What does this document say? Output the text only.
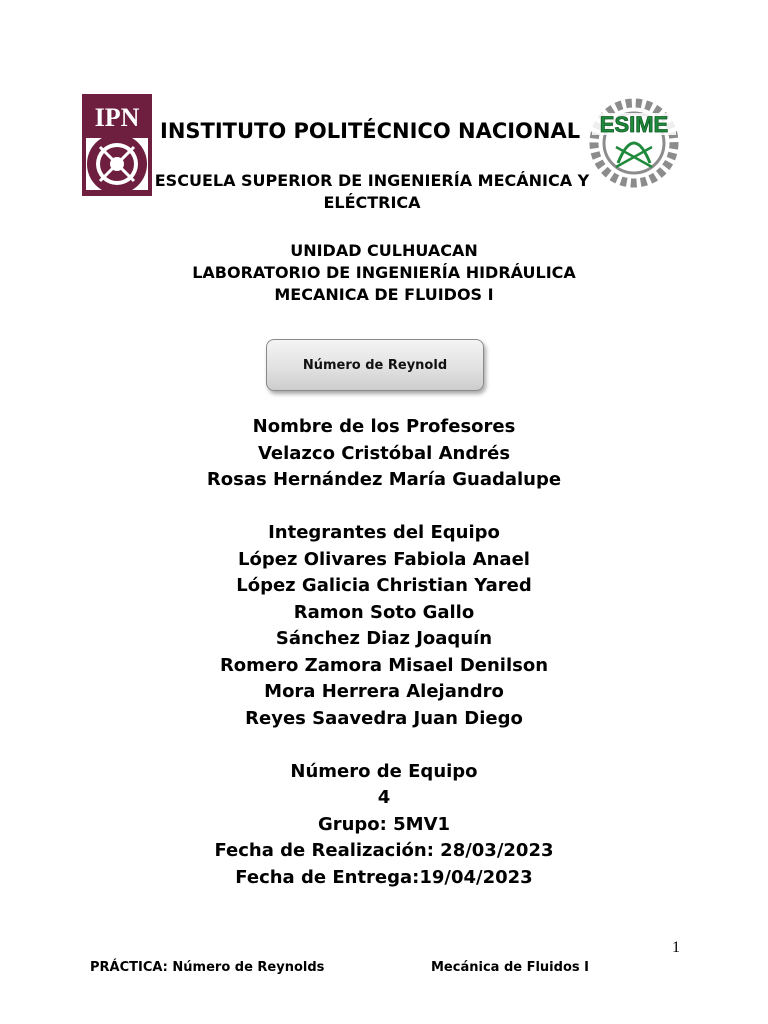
IPN	ESIME
INSTITUTO POLITÉCNICO NACIONAL
ESCUELA SUPERIOR DE INGENIERÍA MECÁNICA Y ELÉCTRICA
UNIDAD CULHUACAN
LABORATORIO DE INGENIERÍA HIDRÁULICA
MECANICA DE FLUIDOS I
Número de Reynold
Nombre de los Profesores
Velazco Cristóbal Andrés
Rosas Hernández María Guadalupe
Integrantes del Equipo
López Olivares Fabiola Anael
López Galicia Christian Yared
Ramon Soto Gallo
Sánchez Diaz Joaquín
Romero Zamora Misael Denilson
Mora Herrera Alejandro
Reyes Saavedra Juan Diego
Número de Equipo
4
Grupo: 5MV1
Fecha de Realización: 28/03/2023
Fecha de Entrega:19/04/2023
1
PRÁCTICA: Número de Reynolds	Mecánica de Fluidos I
